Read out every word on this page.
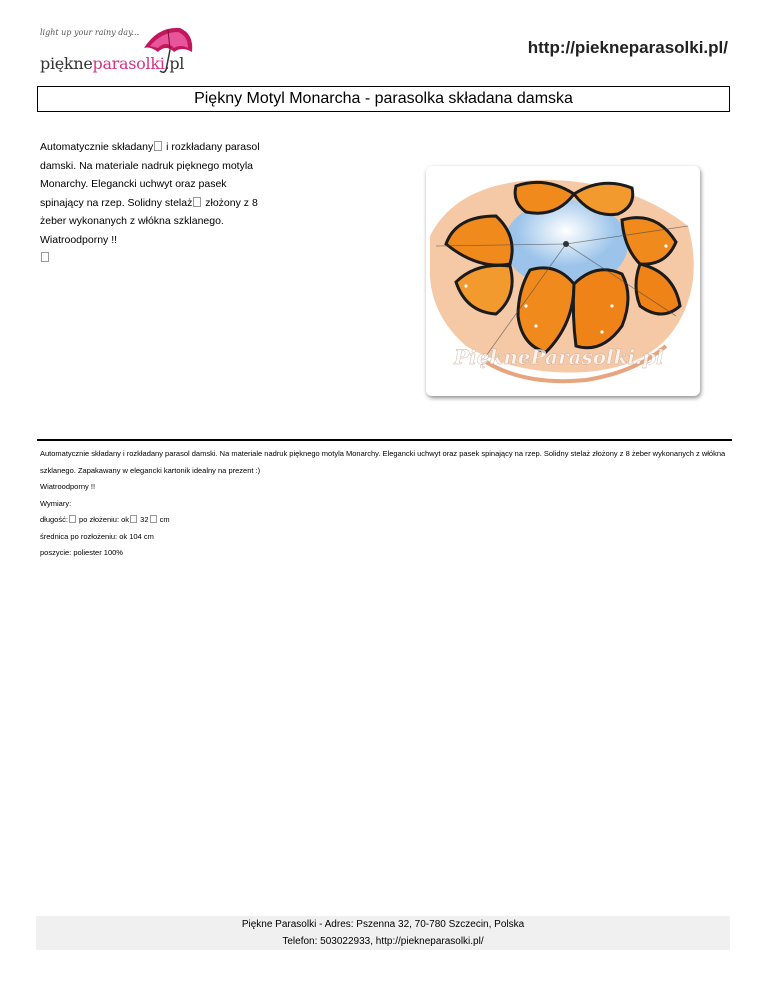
light up your rainy day...
piękneparasolki.pl
http://piekneparasolki.pl/
Piękny Motyl Monarcha - parasolka składana damska
Automatycznie składany i rozkładany parasol
damski. Na materiale nadruk pięknego motyla
Monarchy. Elegancki uchwyt oraz pasek
spinający na rzep. Solidny stelaż złożony z 8
żeber wykonanych z włókna szklanego.
Wiatroodporny !!

PiękneParasolki.pl

Automatycznie składany i rozkładany parasol damski. Na materiale nadruk pięknego motyla Monarchy. Elegancki uchwyt oraz pasek spinający na rzep. Solidny stelaż złożony z 8 żeber wykonanych z włókna szklanego. Zapakawany w elegancki kartonik idealny na prezent :)

Wiatroodporny !!

Wymiary:

długość: po złożeniu: ok 32 cm

średnica po rozłożeniu: ok 104 cm

poszycie: poliester 100%

Piękne Parasolki - Adres: Pszenna 32, 70-780 Szczecin, Polska
Telefon: 503022933, http://piekneparasolki.pl/
